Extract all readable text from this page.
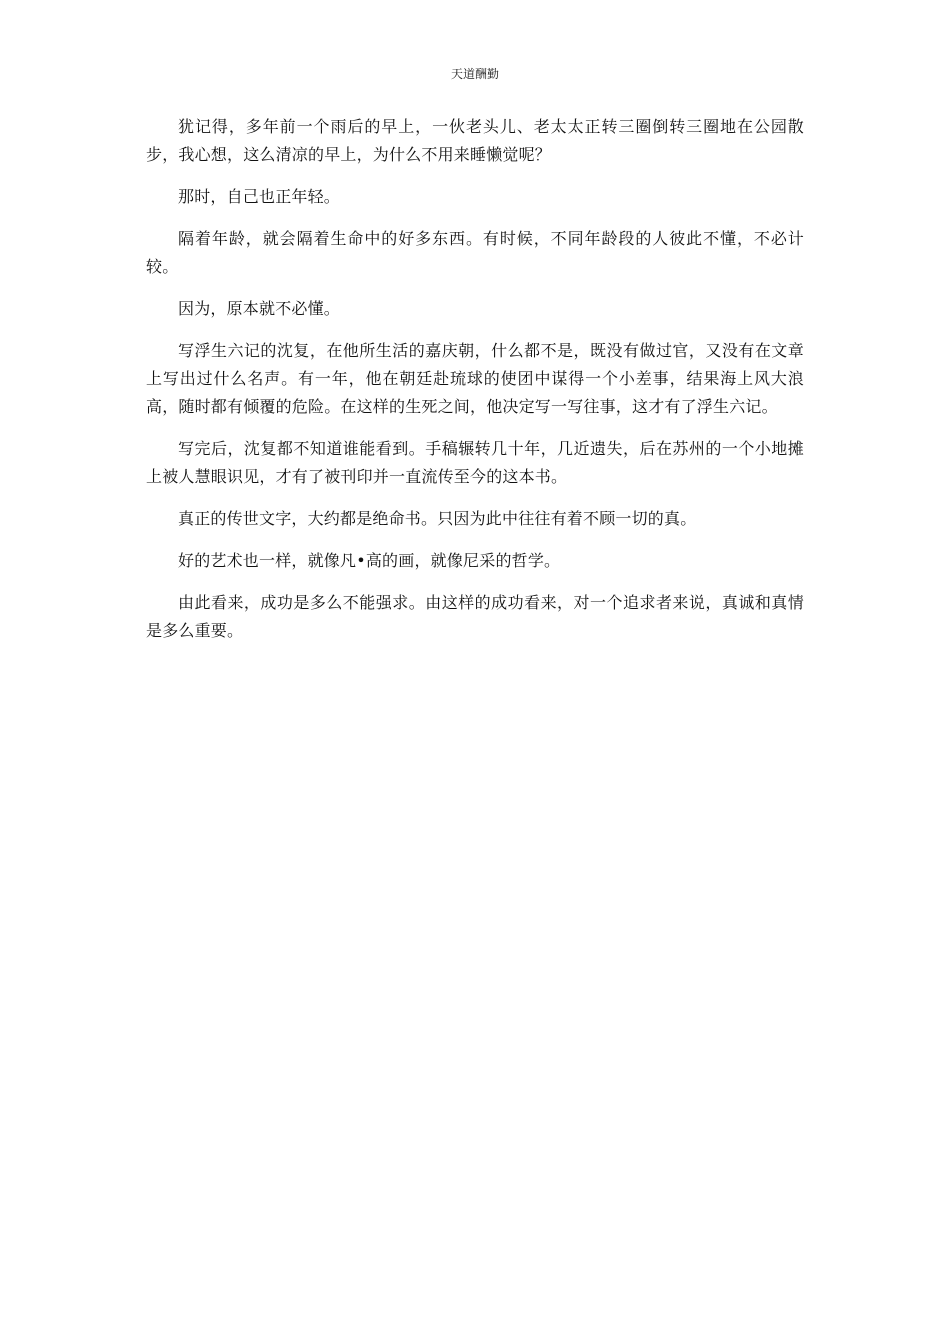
天道酬勤

犹记得，多年前一个雨后的早上，一伙老头儿、老太太正转三圈倒转三圈地在公园散步，我心想，这么清凉的早上，为什么不用来睡懒觉呢？

那时，自己也正年轻。

隔着年龄，就会隔着生命中的好多东西。有时候，不同年龄段的人彼此不懂，不必计较。

因为，原本就不必懂。

写浮生六记的沈复，在他所生活的嘉庆朝，什么都不是，既没有做过官，又没有在文章上写出过什么名声。有一年，他在朝廷赴琉球的使团中谋得一个小差事，结果海上风大浪高，随时都有倾覆的危险。在这样的生死之间，他决定写一写往事，这才有了浮生六记。

写完后，沈复都不知道谁能看到。手稿辗转几十年，几近遗失，后在苏州的一个小地摊上被人慧眼识见，才有了被刊印并一直流传至今的这本书。

真正的传世文字，大约都是绝命书。只因为此中往往有着不顾一切的真。

好的艺术也一样，就像凡•高的画，就像尼采的哲学。

由此看来，成功是多么不能强求。由这样的成功看来，对一个追求者来说，真诚和真情是多么重要。
